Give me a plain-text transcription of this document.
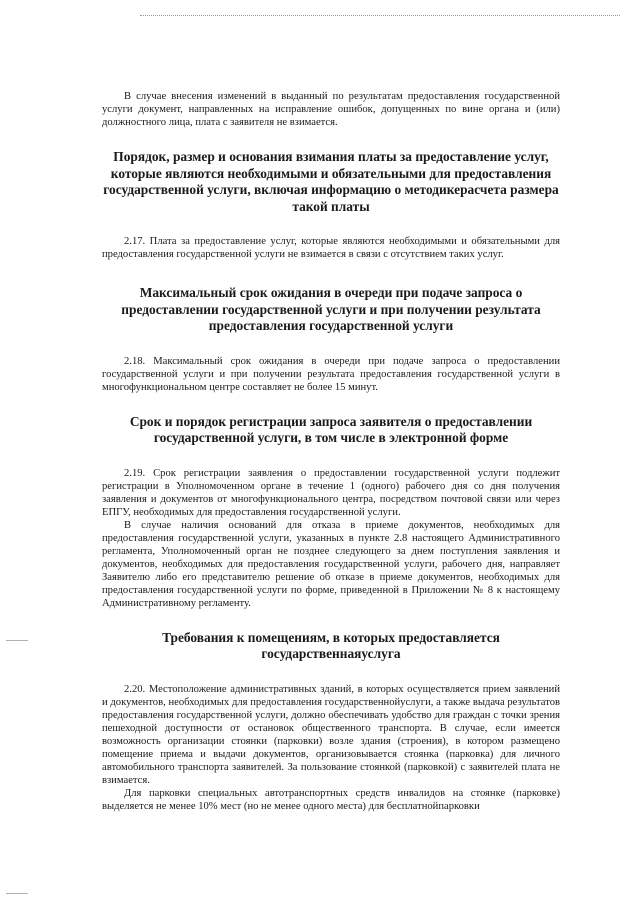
В случае внесения изменений в выданный по результатам предоставления государственной услуги документ, направленных на исправление ошибок, допущенных по вине органа и (или) должностного лица, плата с заявителя не взимается.

Порядок, размер и основания взимания платы за предоставление услуг, которые являются необходимыми и обязательными для предоставления государственной услуги, включая информацию о методикерасчета размера такой платы

2.17. Плата за предоставление услуг, которые являются необходимыми и обязательными для предоставления государственной услуги не взимается в связи с отсутствием таких услуг.

Максимальный срок ожидания в очереди при подаче запроса о предоставлении государственной услуги и при получении результата предоставления государственной услуги

2.18. Максимальный срок ожидания в очереди при подаче запроса о предоставлении государственной услуги и при получении результата предоставления государственной услуги в многофункциональном центре составляет не более 15 минут.

Срок и порядок регистрации запроса заявителя о предоставлении государственной услуги, в том числе в электронной форме

2.19. Срок регистрации заявления о предоставлении государственной услуги подлежит регистрации в Уполномоченном органе в течение 1 (одного) рабочего дня со дня получения заявления и документов от многофункционального центра, посредством почтовой связи или через ЕПГУ, необходимых для предоставления государственной услуги.

В случае наличия оснований для отказа в приеме документов, необходимых для предоставления государственной услуги, указанных в пункте 2.8 настоящего Административного регламента, Уполномоченный орган не позднее следующего за днем поступления заявления и документов, необходимых для предоставления государственной услуги, рабочего дня, направляет Заявителю либо его представителю решение об отказе в приеме документов, необходимых для предоставления государственной услуги по форме, приведенной в Приложении № 8 к настоящему Административному регламенту.

Требования к помещениям, в которых предоставляется государственнаяуслуга

2.20. Местоположение административных зданий, в которых осуществляется прием заявлений и документов, необходимых для предоставления государственнойуслуги, а также выдача результатов предоставления государственной услуги, должно обеспечивать удобство для граждан с точки зрения пешеходной доступности от остановок общественного транспорта. В случае, если имеется возможность организации стоянки (парковки) возле здания (строения), в котором размещено помещение приема и выдачи документов, организовывается стоянка (парковка) для личного автомобильного транспорта заявителей. За пользование стоянкой (парковкой) с заявителей плата не взимается.

Для парковки специальных автотранспортных средств инвалидов на стоянке (парковке) выделяется не менее 10% мест (но не менее одного места) для бесплатнойпарковки
